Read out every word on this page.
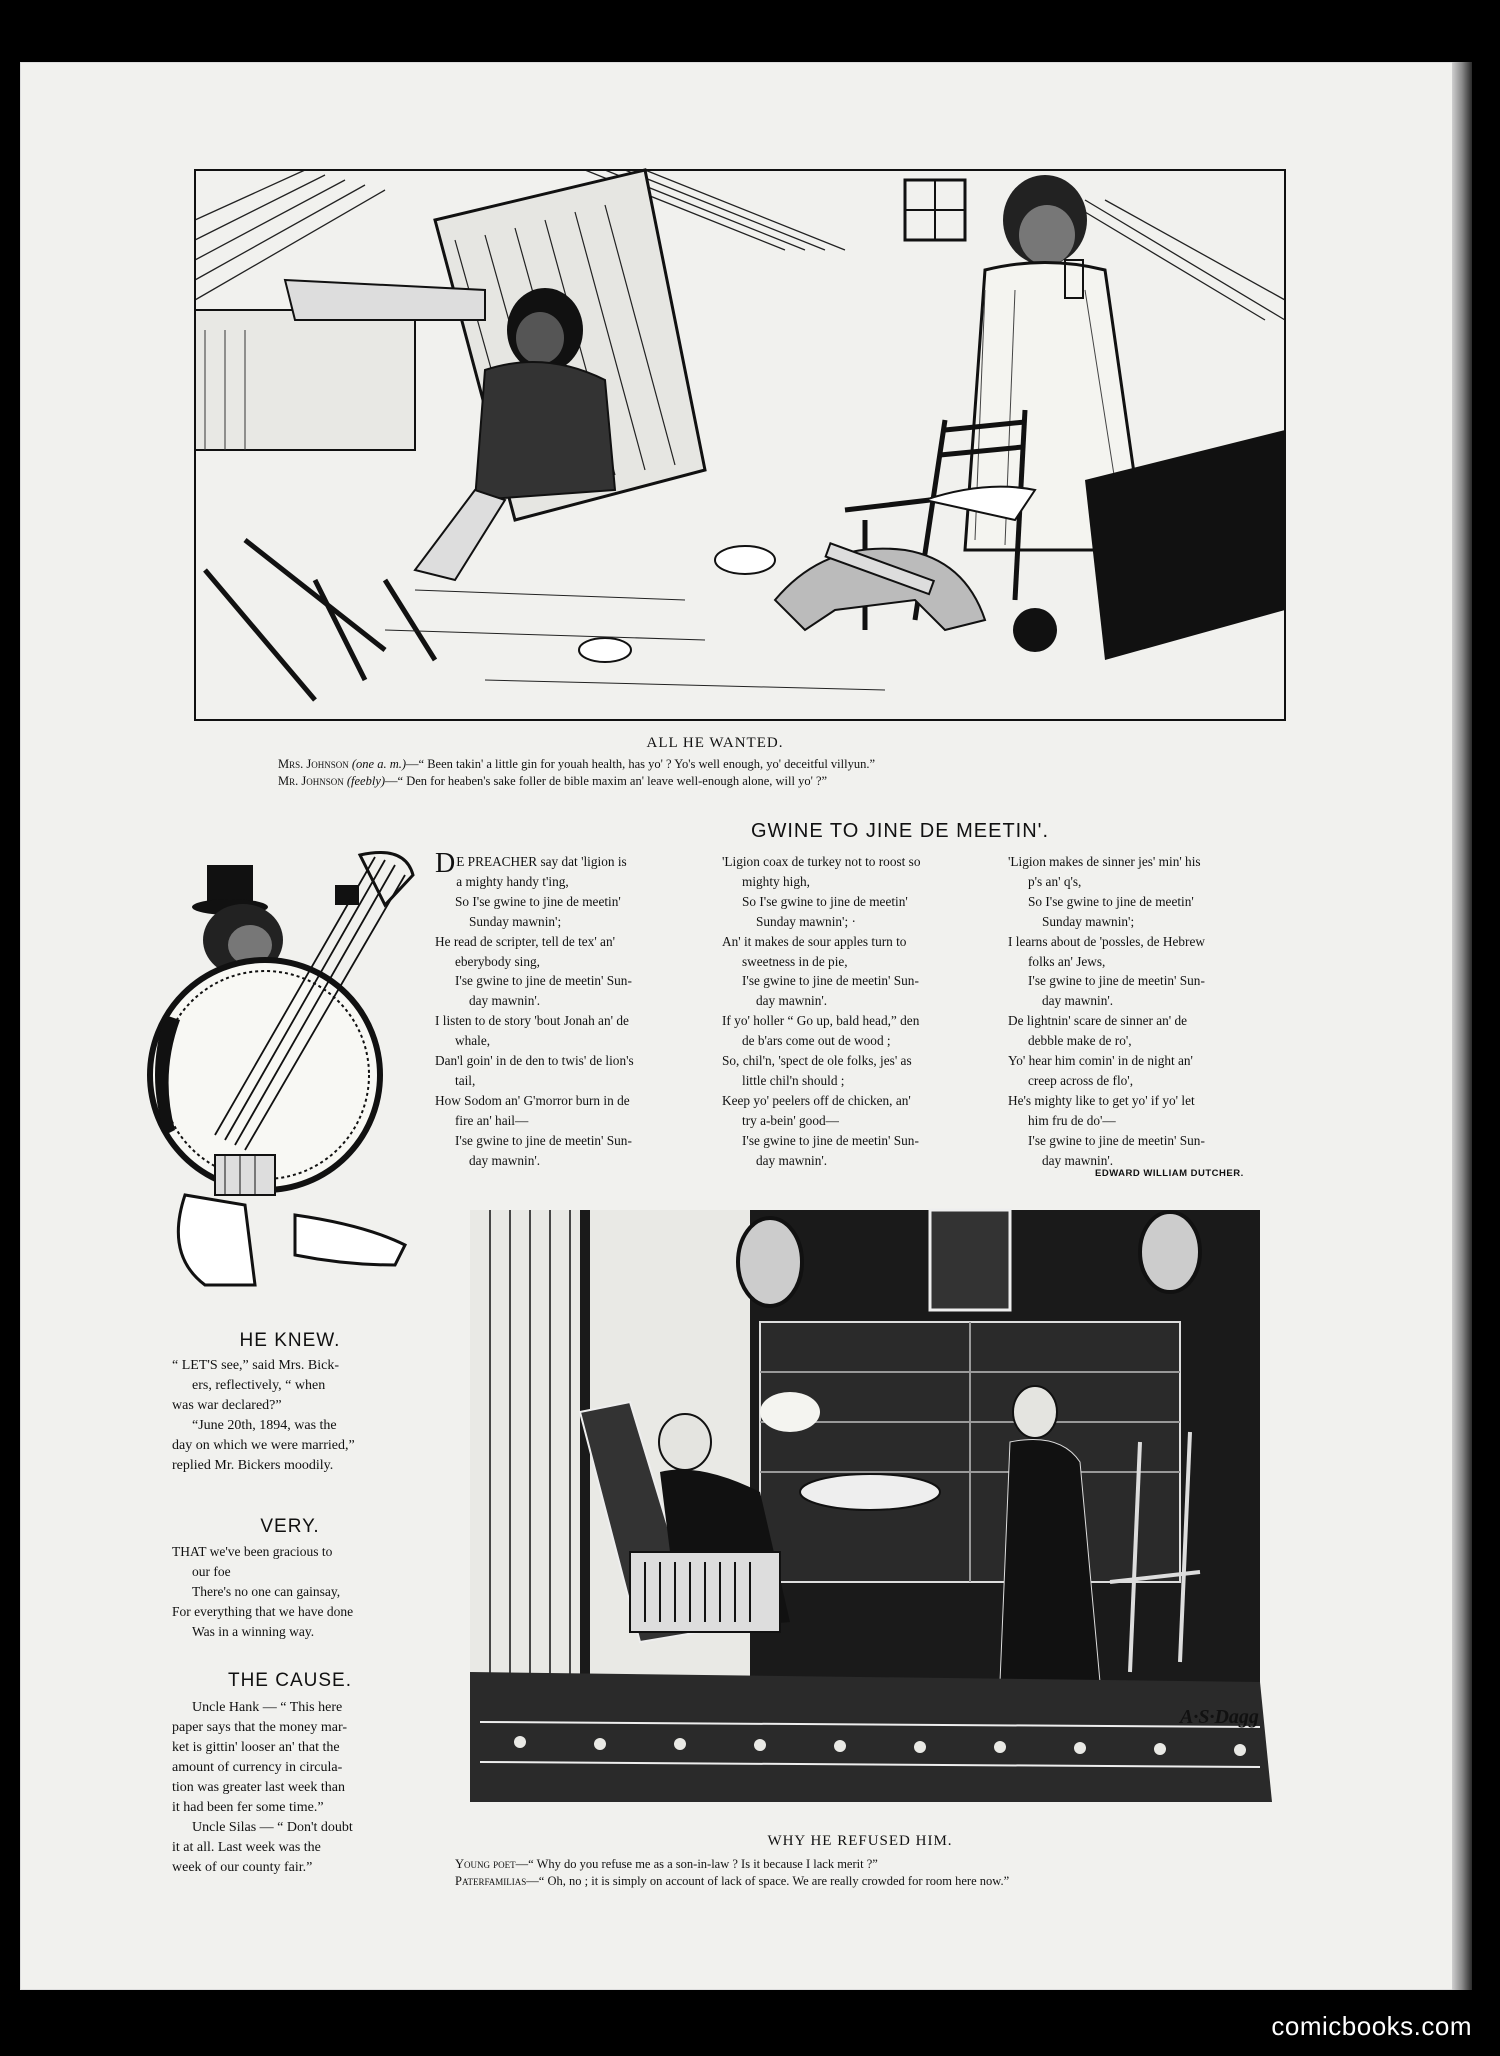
ALL HE WANTED.
Mrs. Johnson (one a. m.)—“ Been takin' a little gin for youah health, has yo' ? Yo's well enough, yo' deceitful villyun.”
Mr. Johnson (feebly)—“ Den for heaben's sake foller de bible maxim an' leave well-enough alone, will yo' ?”
GWINE TO JINE DE MEETIN'.
D E PREACHER say dat 'ligion is
a mighty handy t'ing,
So I'se gwine to jine de meetin'
Sunday mawnin';
He read de scripter, tell de tex' an'
eberybody sing,
I'se gwine to jine de meetin' Sun-
day mawnin'.
I listen to de story 'bout Jonah an' de
whale,
Dan'l goin' in de den to twis' de lion's
tail,
How Sodom an' G'morror burn in de
fire an' hail—
I'se gwine to jine de meetin' Sun-
day mawnin'.
'Ligion coax de turkey not to roost so
mighty high,
So I'se gwine to jine de meetin'
Sunday mawnin'; ·
An' it makes de sour apples turn to
sweetness in de pie,
I'se gwine to jine de meetin' Sun-
day mawnin'.
If yo' holler “ Go up, bald head,” den
de b'ars come out de wood ;
So, chil'n, 'spect de ole folks, jes' as
little chil'n should ;
Keep yo' peelers off de chicken, an'
try a-bein' good—
I'se gwine to jine de meetin' Sun-
day mawnin'.
'Ligion makes de sinner jes' min' his
p's an' q's,
So I'se gwine to jine de meetin'
Sunday mawnin';
I learns about de 'possles, de Hebrew
folks an' Jews,
I'se gwine to jine de meetin' Sun-
day mawnin'.
De lightnin' scare de sinner an' de
debble make de ro',
Yo' hear him comin' in de night an'
creep across de flo',
He's mighty like to get yo' if yo' let
him fru de do'—
I'se gwine to jine de meetin' Sun-
day mawnin'.
EDWARD WILLIAM DUTCHER.
HE KNEW.
“ LET'S see,” said Mrs. Bick-
ers, reflectively, “ when
was war declared?”
“June 20th, 1894, was the
day on which we were married,”
replied Mr. Bickers moodily.
VERY.
THAT we've been gracious to
our foe
There's no one can gainsay,
For everything that we have done
Was in a winning way.
THE CAUSE.
Uncle Hank — “ This here
paper says that the money mar-
ket is gittin' looser an' that the
amount of currency in circula-
tion was greater last week than
it had been fer some time.”
Uncle Silas — “ Don't doubt
it at all. Last week was the
week of our county fair.”
A·S·Dagg
WHY HE REFUSED HIM.
Young poet—“ Why do you refuse me as a son-in-law ? Is it because I lack merit ?”
Paterfamilias—“ Oh, no ; it is simply on account of lack of space. We are really crowded for room here now.”
comicbooks.com
